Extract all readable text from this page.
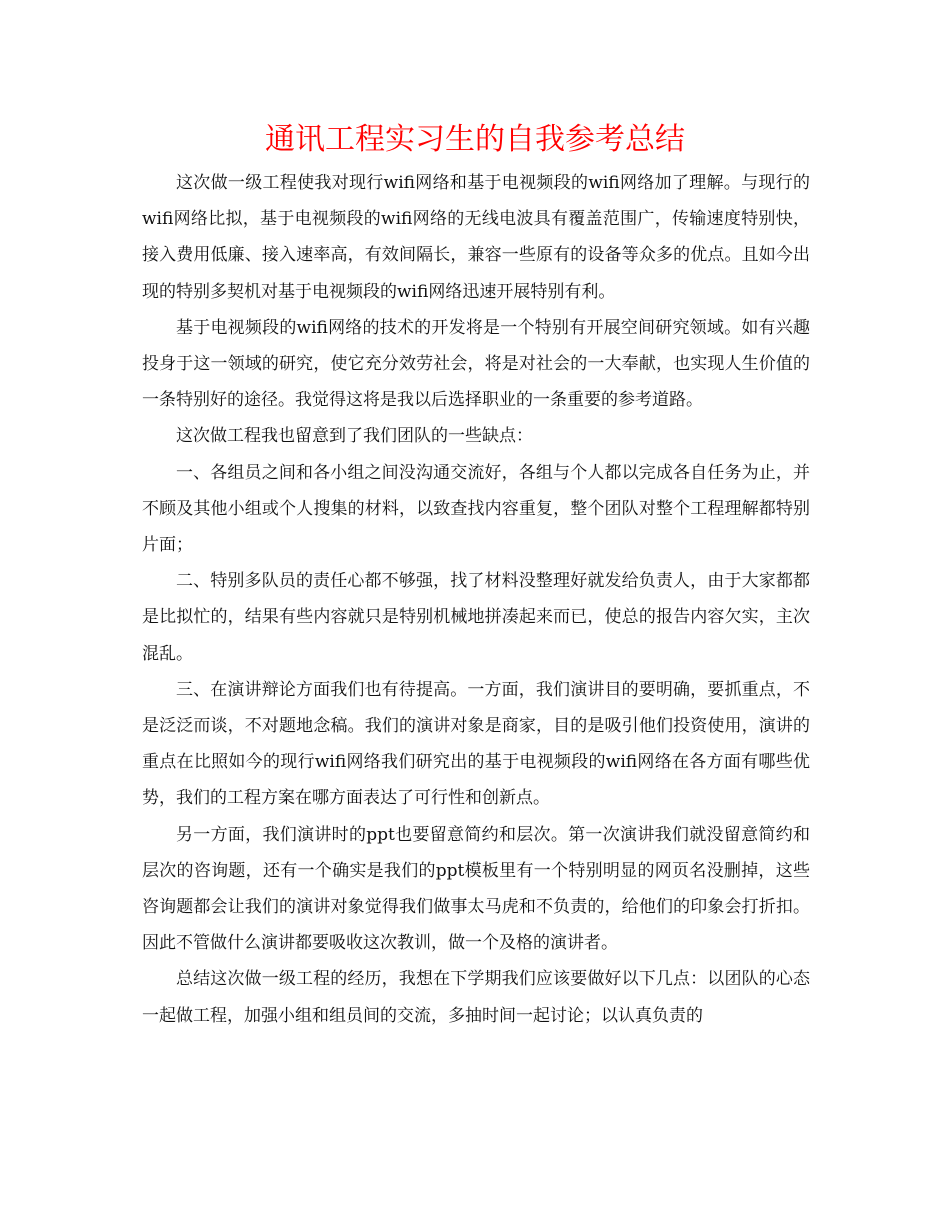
通讯工程实习生的自我参考总结

这次做一级工程使我对现行wifi网络和基于电视频段的wifi网络加了理解。与现行的wifi网络比拟，基于电视频段的wifi网络的无线电波具有覆盖范围广，传输速度特别快，接入费用低廉、接入速率高，有效间隔长，兼容一些原有的设备等众多的优点。且如今出现的特别多契机对基于电视频段的wifi网络迅速开展特别有利。

基于电视频段的wifi网络的技术的开发将是一个特别有开展空间研究领域。如有兴趣投身于这一领域的研究，使它充分效劳社会，将是对社会的一大奉献，也实现人生价值的一条特别好的途径。我觉得这将是我以后选择职业的一条重要的参考道路。

这次做工程我也留意到了我们团队的一些缺点：

一、各组员之间和各小组之间没沟通交流好，各组与个人都以完成各自任务为止，并不顾及其他小组或个人搜集的材料，以致查找内容重复，整个团队对整个工程理解都特别片面；

二、特别多队员的责任心都不够强，找了材料没整理好就发给负责人，由于大家都都是比拟忙的，结果有些内容就只是特别机械地拼凑起来而已，使总的报告内容欠实，主次混乱。

三、在演讲辩论方面我们也有待提高。一方面，我们演讲目的要明确，要抓重点，不是泛泛而谈，不对题地念稿。我们的演讲对象是商家，目的是吸引他们投资使用，演讲的重点在比照如今的现行wifi网络我们研究出的基于电视频段的wifi网络在各方面有哪些优势，我们的工程方案在哪方面表达了可行性和创新点。

另一方面，我们演讲时的ppt也要留意简约和层次。第一次演讲我们就没留意简约和层次的咨询题，还有一个确实是我们的ppt模板里有一个特别明显的网页名没删掉，这些咨询题都会让我们的演讲对象觉得我们做事太马虎和不负责的，给他们的印象会打折扣。因此不管做什么演讲都要吸收这次教训，做一个及格的演讲者。

总结这次做一级工程的经历，我想在下学期我们应该要做好以下几点：以团队的心态一起做工程，加强小组和组员间的交流，多抽时间一起讨论；以认真负责的
